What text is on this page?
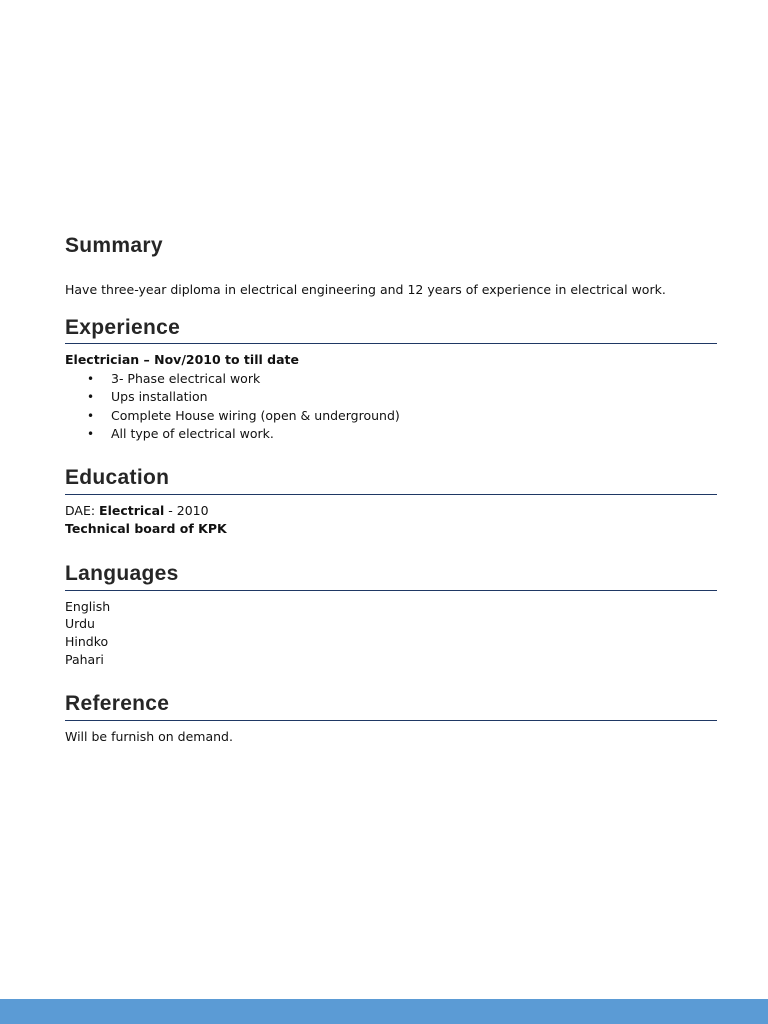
Summary

Have three-year diploma in electrical engineering and 12 years of experience in electrical work.

Experience

Electrician – Nov/2010 to till date

• 3- Phase electrical work
• Ups installation
• Complete House wiring (open & underground)
• All type of electrical work.
Education

DAE: Electrical - 2010

Technical board of KPK

Languages

English

Urdu

Hindko

Pahari

Reference

Will be furnish on demand.
